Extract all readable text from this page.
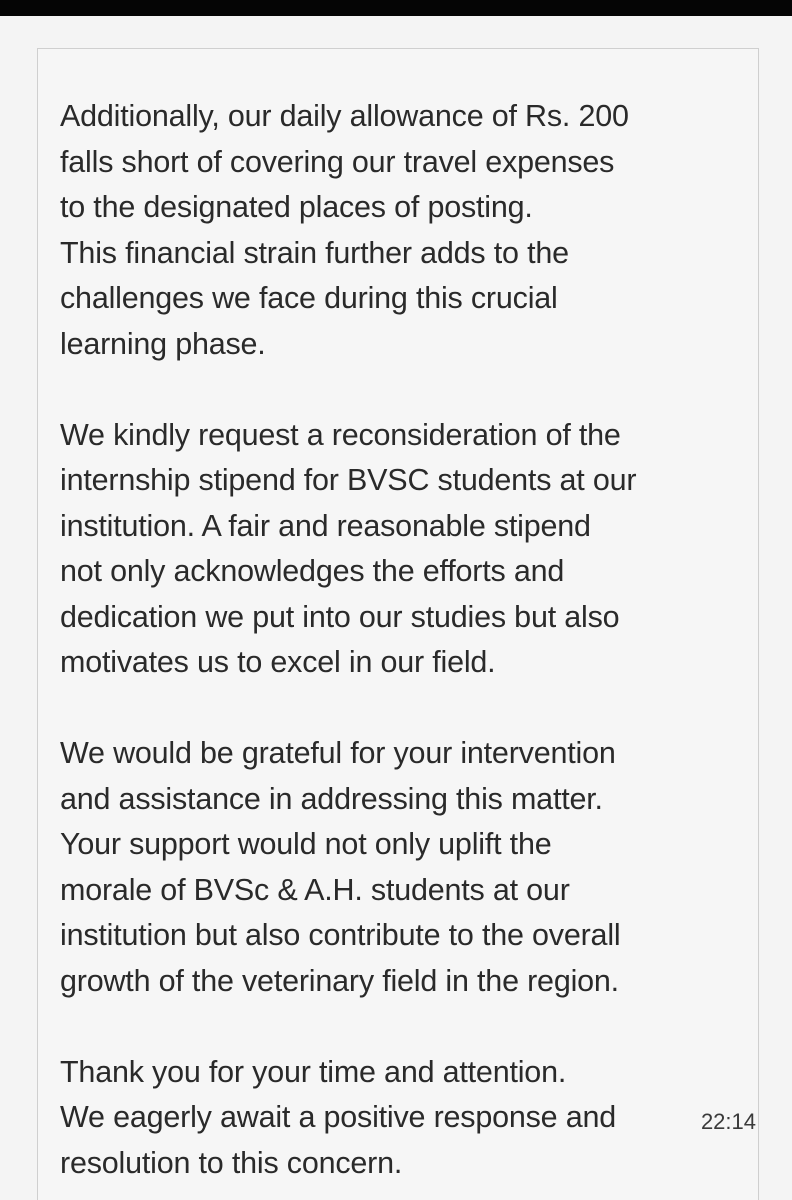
Additionally, our daily allowance of Rs. 200
falls short of covering our travel expenses
to the designated places of posting.
This financial strain further adds to the
challenges we face during this crucial
learning phase.

We kindly request a reconsideration of the
internship stipend for BVSC students at our
institution. A fair and reasonable stipend
not only acknowledges the efforts and
dedication we put into our studies but also
motivates us to excel in our field.

We would be grateful for your intervention
and assistance in addressing this matter.
Your support would not only uplift the
morale of BVSc & A.H. students at our
institution but also contribute to the overall
growth of the veterinary field in the region.

Thank you for your time and attention.
We eagerly await a positive response and
resolution to this concern.

22:14
